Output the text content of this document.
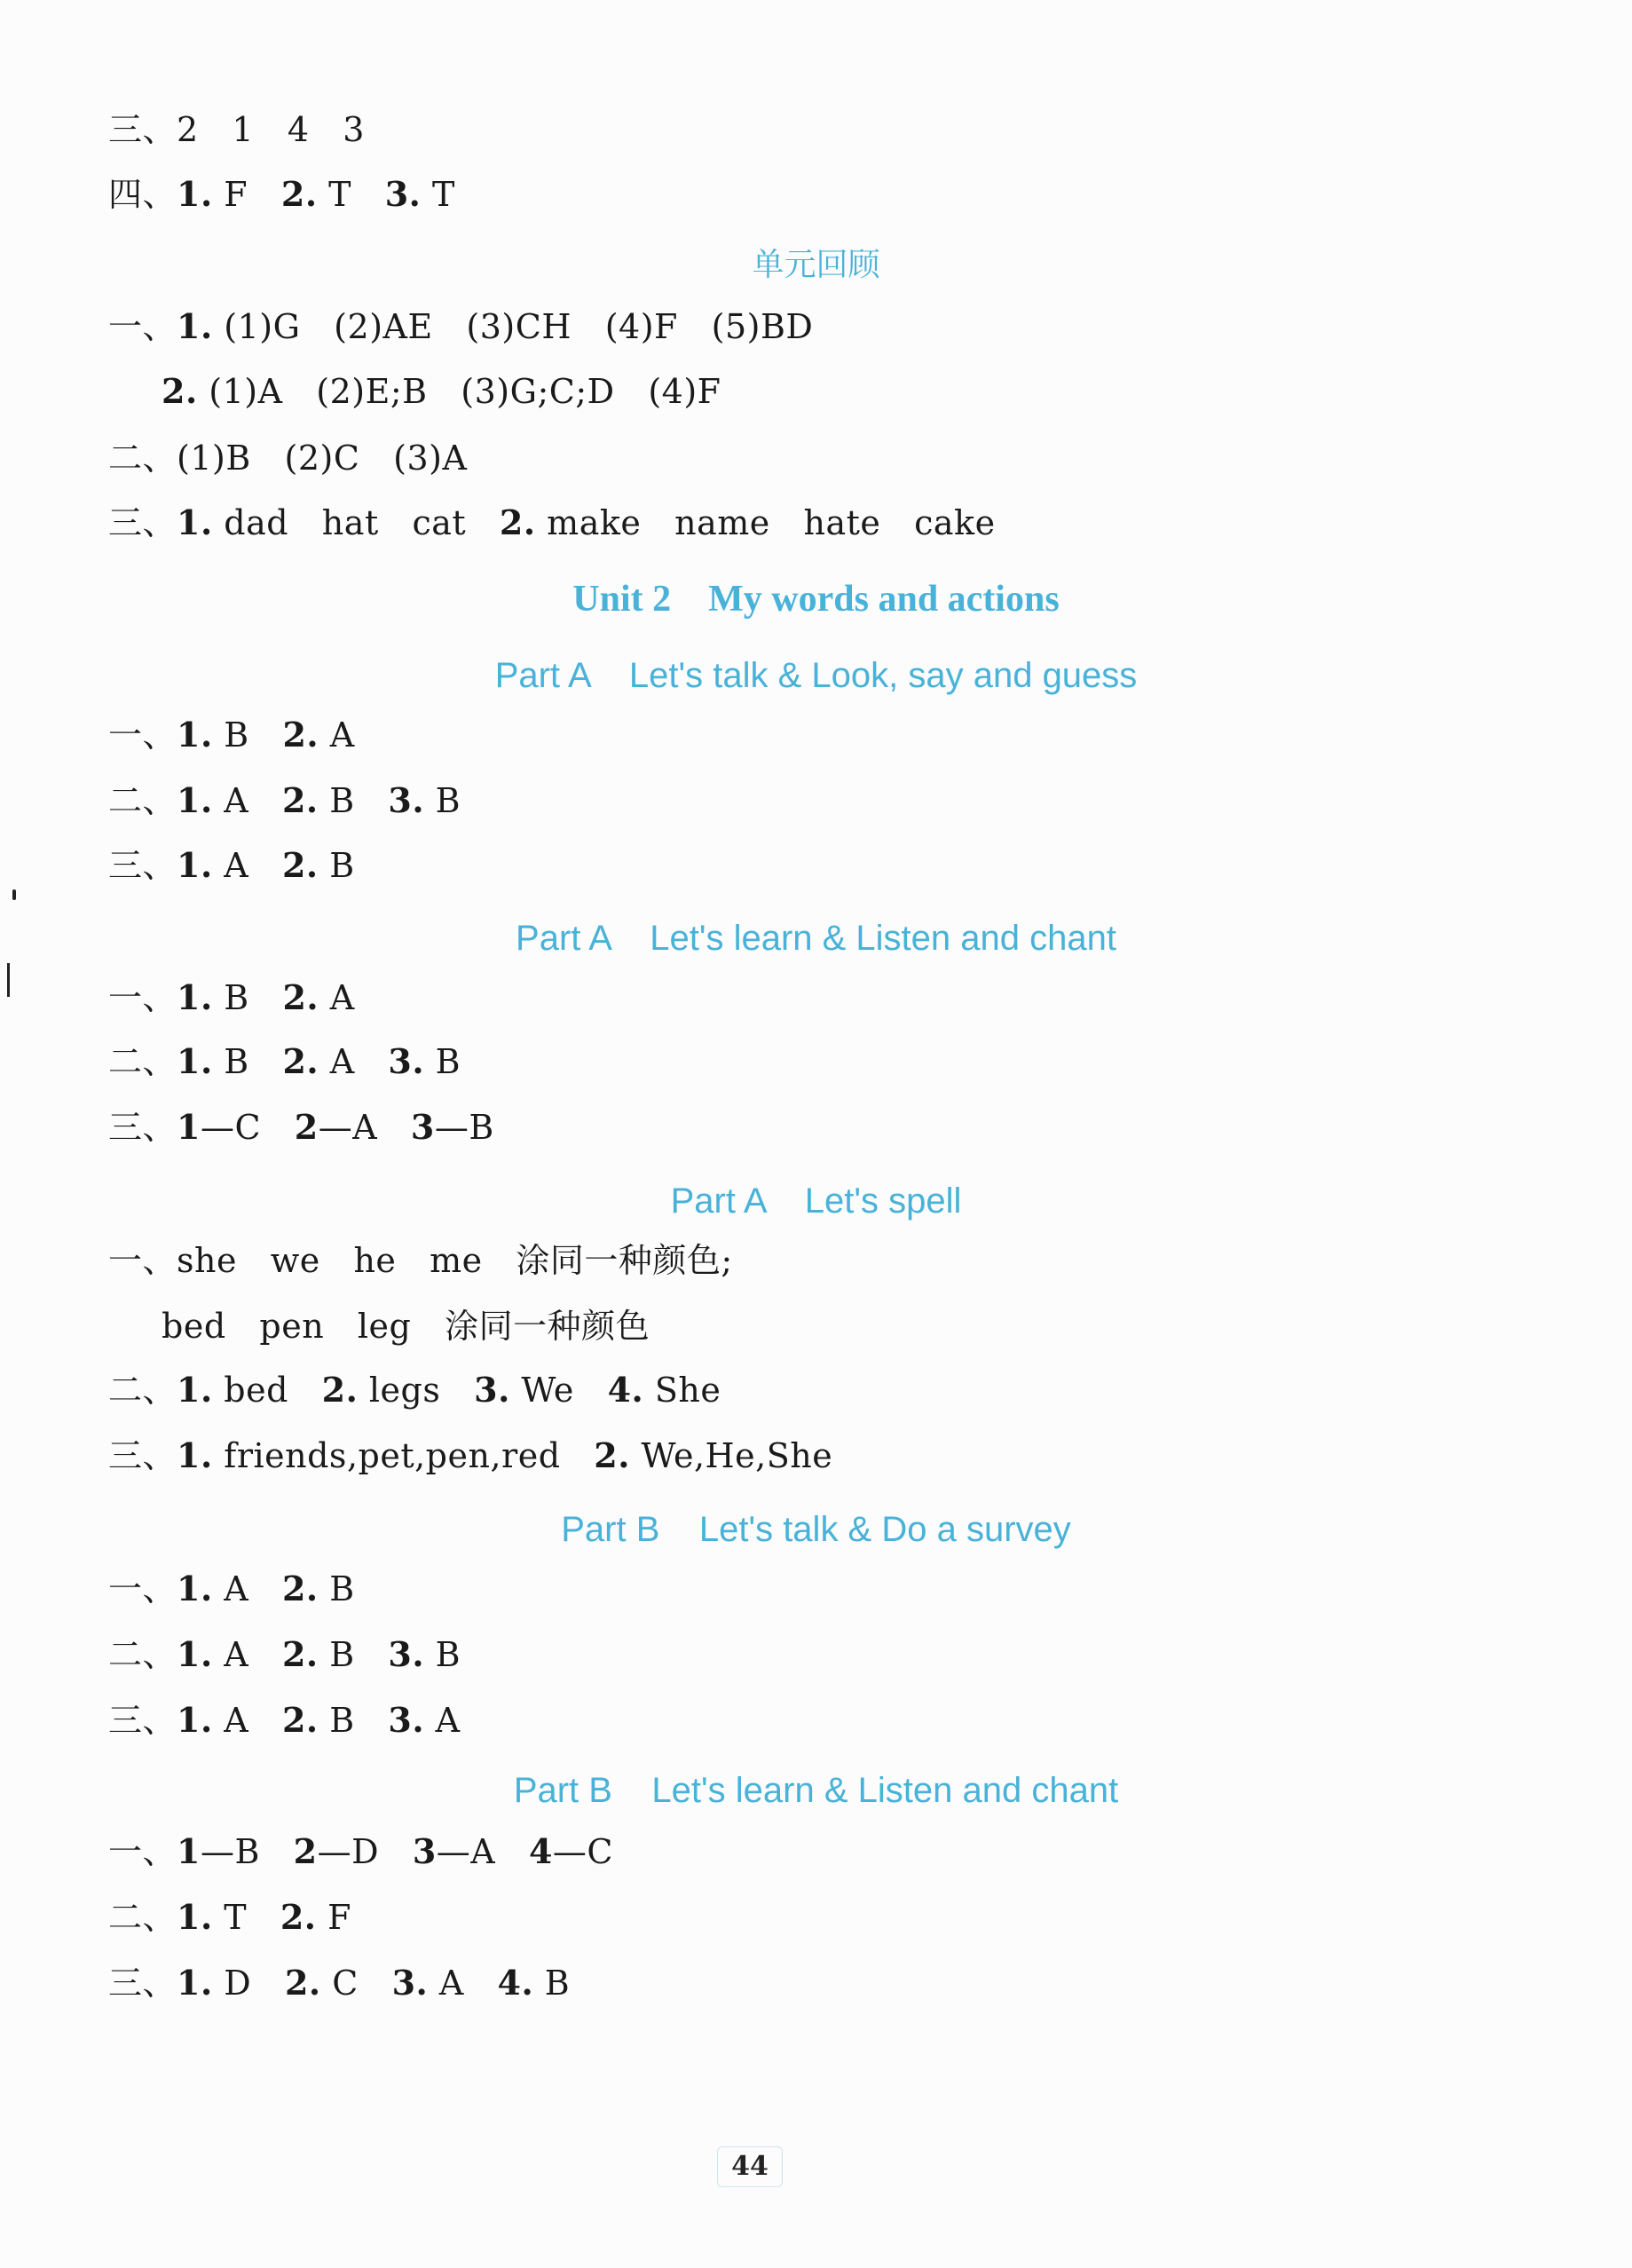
三、2   1   4   3
四、1. F   2. T   3. T
单元回顾
一、1. (1)G   (2)AE   (3)CH   (4)F   (5)BD
2. (1)A   (2)E;B   (3)G;C;D   (4)F
二、(1)B   (2)C   (3)A
三、1. dad   hat   cat   2. make   name   hate   cake
Unit 2    My words and actions
Part A    Let's talk & Look, say and guess
一、1. B   2. A
二、1. A   2. B   3. B
三、1. A   2. B
Part A    Let's learn & Listen and chant
一、1. B   2. A
二、1. B   2. A   3. B
三、1—C   2—A   3—B
Part A    Let's spell
一、she   we   he   me   涂同一种颜色;
bed   pen   leg   涂同一种颜色
二、1. bed   2. legs   3. We   4. She
三、1. friends,pet,pen,red   2. We,He,She
Part B    Let's talk & Do a survey
一、1. A   2. B
二、1. A   2. B   3. B
三、1. A   2. B   3. A
Part B    Let's learn & Listen and chant
一、1—B   2—D   3—A   4—C
二、1. T   2. F
三、1. D   2. C   3. A   4. B
44
